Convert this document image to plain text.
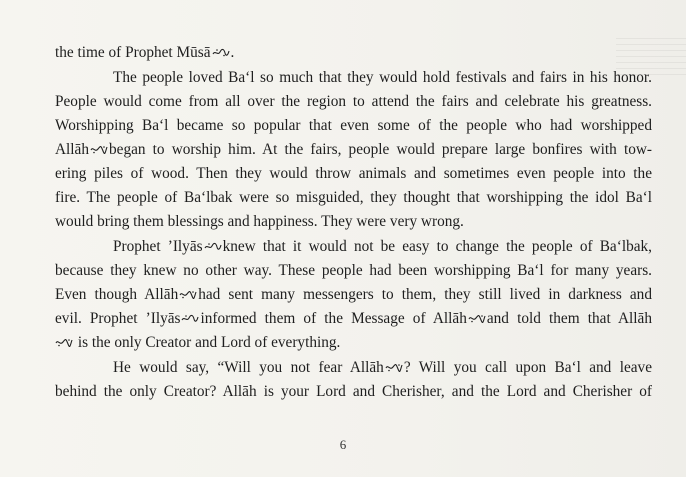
the time of Prophet Mūsā .
The people loved Ba‘l so much that they would hold festivals and fairs in his honor.
People would come from all over the region to attend the fairs and celebrate his greatness.
Worshipping Ba‘l became so popular that even some of the people who had worshipped
Allāh began to worship him. At the fairs, people would prepare large bonfires with tow-
ering piles of wood. Then they would throw animals and sometimes even people into the
fire. The people of Ba‘lbak were so misguided, they thought that worshipping the idol Ba‘l
would bring them blessings and happiness. They were very wrong.
Prophet ’Ilyās knew that it would not be easy to change the people of Ba‘lbak,
because they knew no other way. These people had been worshipping Ba‘l for many years.
Even though Allāh had sent many messengers to them, they still lived in darkness and
evil. Prophet ’Ilyās informed them of the Message of Allāh and told them that Allāh
is the only Creator and Lord of everything.
He would say, “Will you not fear Allāh ? Will you call upon Ba‘l and leave
behind the only Creator? Allāh is your Lord and Cherisher, and the Lord and Cherisher of
6
